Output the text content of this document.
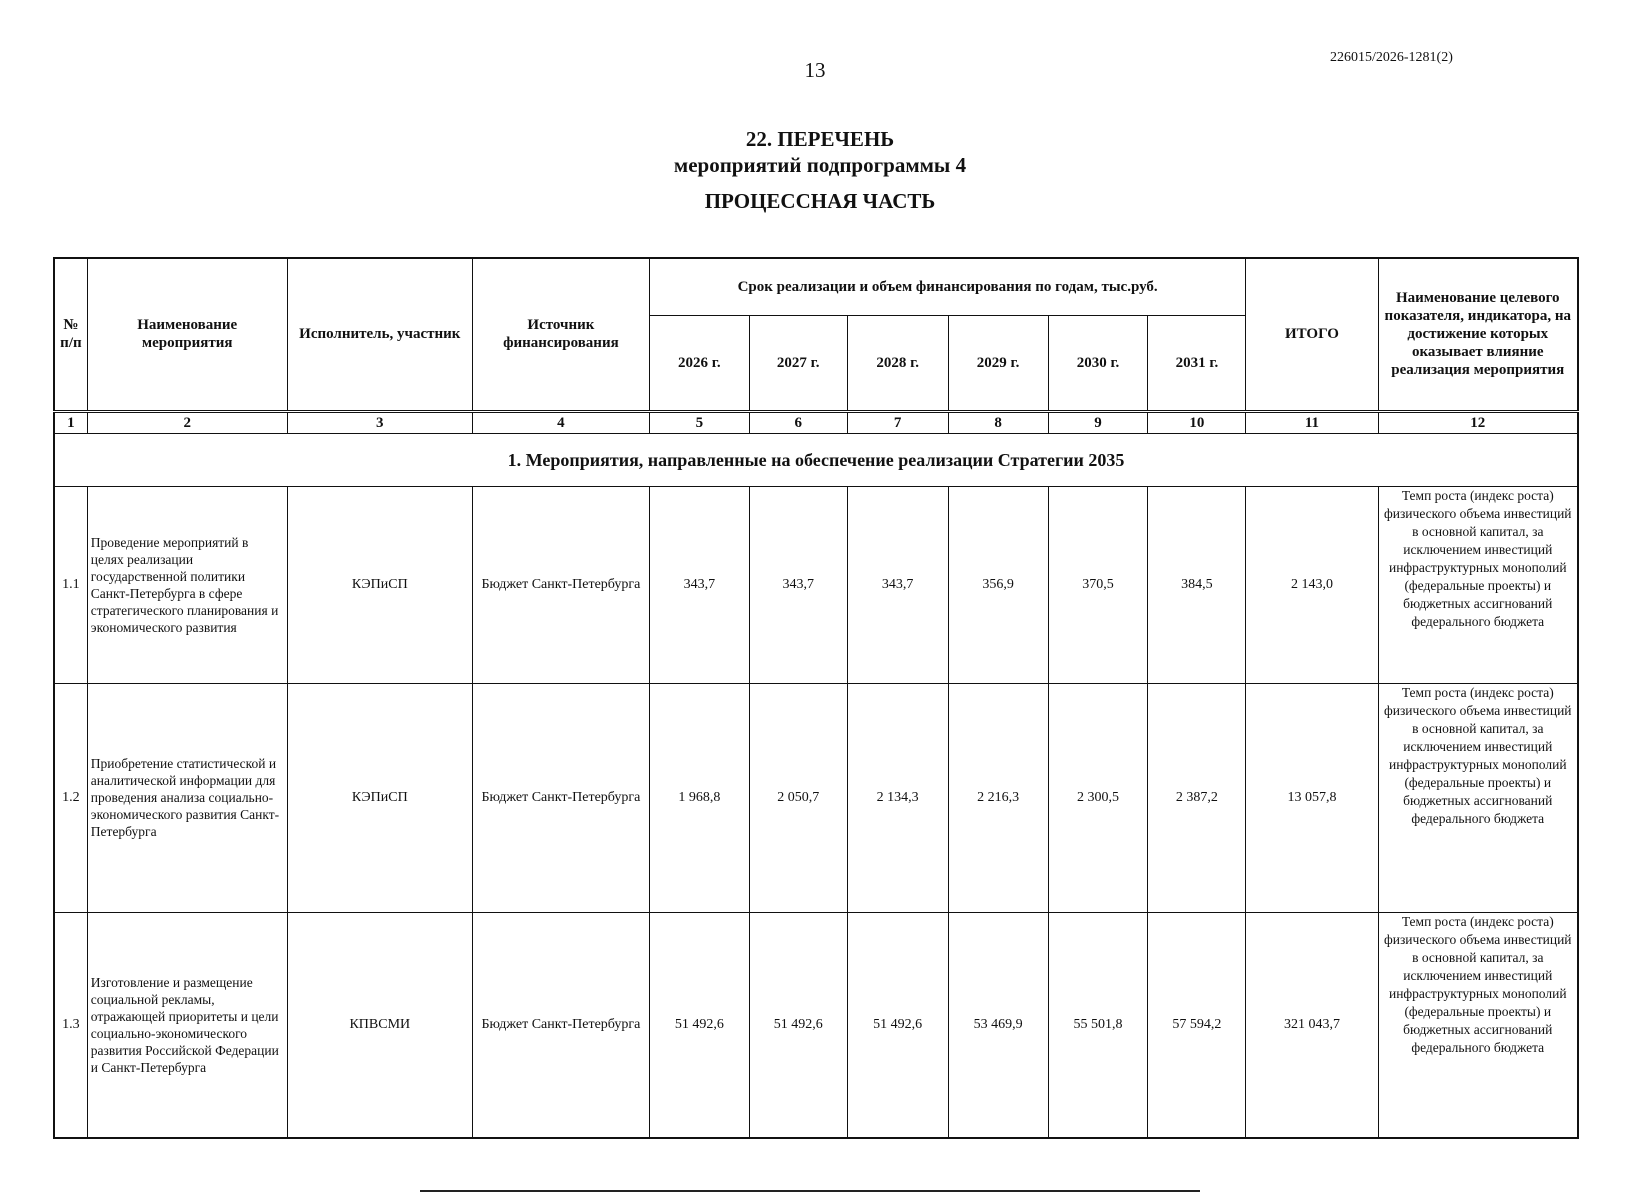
13
226015/2026-1281(2)
22. ПЕРЕЧЕНЬ
мероприятий подпрограммы 4
ПРОЦЕССНАЯ ЧАСТЬ
№ п/п	Наименование мероприятия	Исполнитель, участник	Источник финансирования	Срок реализации и объем финансирования по годам, тыс.руб.						ИТОГО	Наименование целевого показателя, индикатора, на достижение которых оказывает влияние реализация мероприятия
				2026 г.	2027 г.	2028 г.	2029 г.	2030 г.	2031 г.		
1	2	3	4	5	6	7	8	9	10	11	12
1. Мероприятия, направленные на обеспечение реализации Стратегии 2035											
1.1	Проведение мероприятий в целях реализации государственной политики Санкт-Петербурга в сфере стратегического планирования и экономического развития	КЭПиСП	Бюджет Санкт-Петербурга	343,7	343,7	343,7	356,9	370,5	384,5	2 143,0	Темп роста (индекс роста) физического объема инвестиций в основной капитал, за исключением инвестиций инфраструктурных монополий (федеральные проекты) и бюджетных ассигнований федерального бюджета
1.2	Приобретение статистической и аналитической информации для проведения анализа социально-экономического развития Санкт-Петербурга	КЭПиСП	Бюджет Санкт-Петербурга	1 968,8	2 050,7	2 134,3	2 216,3	2 300,5	2 387,2	13 057,8	Темп роста (индекс роста) физического объема инвестиций в основной капитал, за исключением инвестиций инфраструктурных монополий (федеральные проекты) и бюджетных ассигнований федерального бюджета
1.3	Изготовление и размещение социальной рекламы, отражающей приоритеты и цели социально-экономического развития Российской Федерации и Санкт-Петербурга	КПВСМИ	Бюджет Санкт-Петербурга	51 492,6	51 492,6	51 492,6	53 469,9	55 501,8	57 594,2	321 043,7	Темп роста (индекс роста) физического объема инвестиций в основной капитал, за исключением инвестиций инфраструктурных монополий (федеральные проекты) и бюджетных ассигнований федерального бюджета
